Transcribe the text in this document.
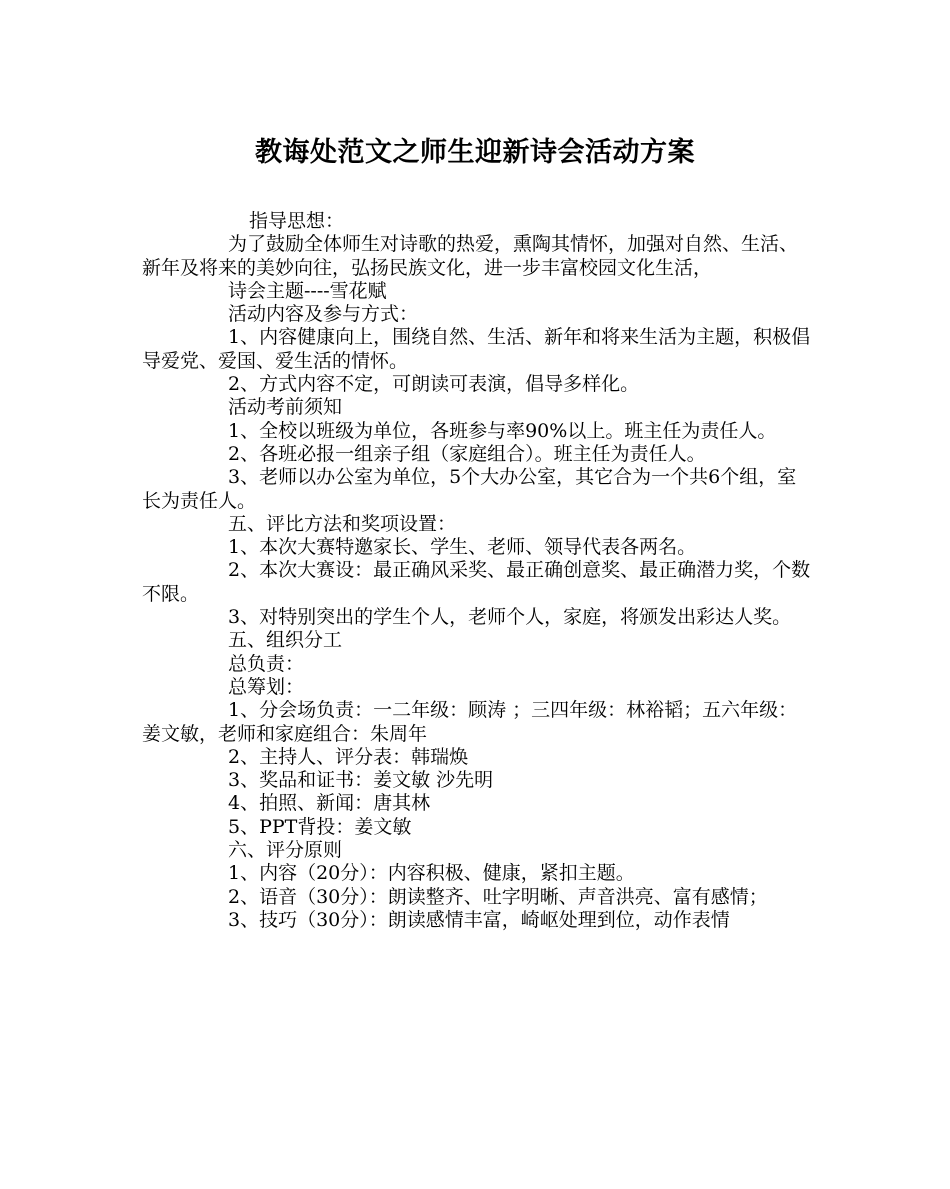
教诲处范文之师生迎新诗会活动方案

指导思想：

为了鼓励全体师生对诗歌的热爱，熏陶其情怀，加强对自然、生活、新年及将来的美妙向往，弘扬民族文化，进一步丰富校园文化生活，

诗会主题----雪花赋

活动内容及参与方式：

1、内容健康向上，围绕自然、生活、新年和将来生活为主题，积极倡导爱党、爱国、爱生活的情怀。

2、方式内容不定，可朗读可表演，倡导多样化。

活动考前须知

1、全校以班级为单位，各班参与率90%以上。班主任为责任人。

2、各班必报一组亲子组（家庭组合）。班主任为责任人。

3、老师以办公室为单位，5个大办公室，其它合为一个共6个组，室长为责任人。

五、评比方法和奖项设置：

1、本次大赛特邀家长、学生、老师、领导代表各两名。

2、本次大赛设：最正确风采奖、最正确创意奖、最正确潜力奖，个数不限。

3、对特别突出的学生个人，老师个人，家庭，将颁发出彩达人奖。

五、组织分工

总负责：

总筹划：

1、分会场负责：一二年级：顾涛 ；三四年级：林裕韬；五六年级：姜文敏，老师和家庭组合：朱周年

2、主持人、评分表：韩瑞焕

3、奖品和证书：姜文敏 沙先明

4、拍照、新闻：唐其林

5、PPT背投：姜文敏

六、评分原则

1、内容（20分）：内容积极、健康，紧扣主题。

2、语音（30分）：朗读整齐、吐字明晰、声音洪亮、富有感情；

3、技巧（30分）：朗读感情丰富，崎岖处理到位，动作表情
